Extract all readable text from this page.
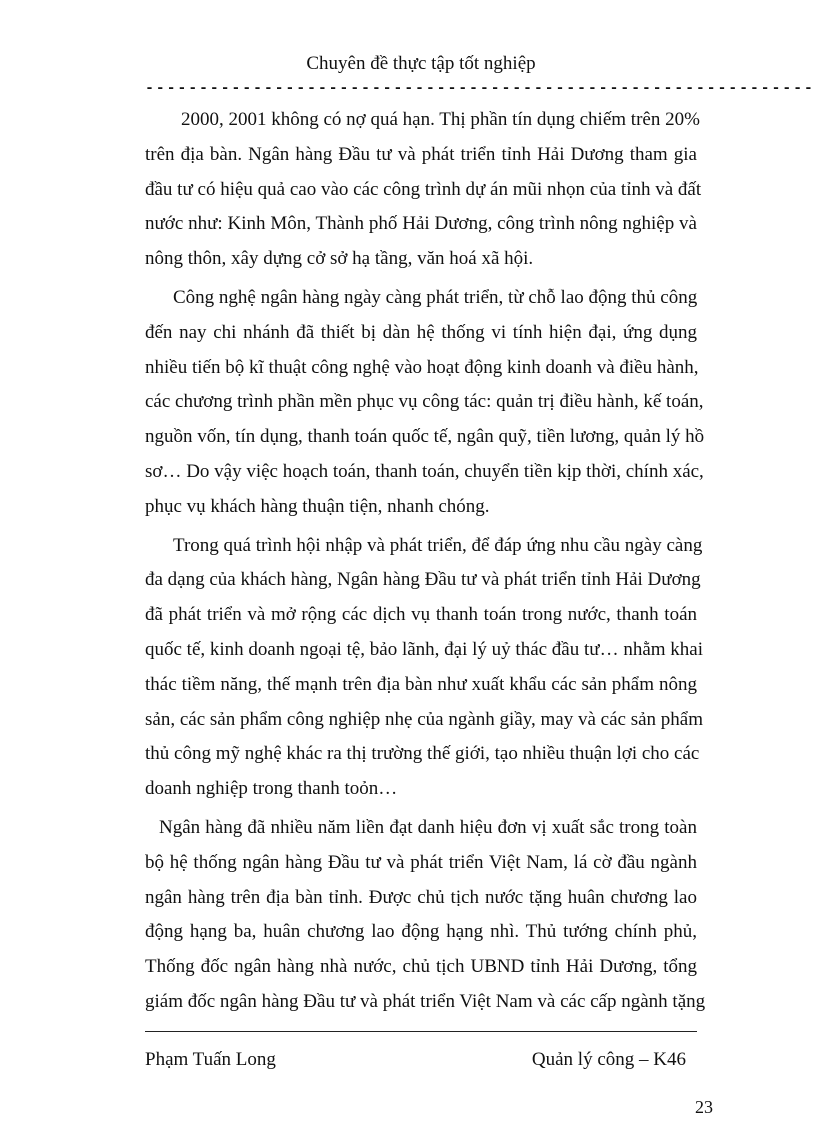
Chuyên đề thực tập tốt nghiệp
--------------------------------------------------------------
2000, 2001 không có nợ quá hạn. Thị phần tín dụng chiếm trên 20%
trên địa bàn. Ngân hàng Đầu tư và phát triển tỉnh Hải Dương tham gia
đầu tư có hiệu quả cao vào các công trình dự án mũi nhọn của tỉnh và đất
nước như: Kinh Môn, Thành phố Hải Dương, công trình nông nghiệp và
nông thôn, xây dựng cở sở hạ tầng, văn hoá xã hội.
Công nghệ ngân hàng ngày càng phát triển, từ chỗ lao động thủ công
đến nay chi nhánh đã thiết bị dàn hệ thống vi tính hiện đại, ứng dụng
nhiều tiến bộ kĩ thuật công nghệ vào hoạt động kinh doanh và điều hành,
các chương trình phần mền phục vụ công tác: quản trị điều hành, kế toán,
nguồn vốn, tín dụng, thanh toán quốc tế, ngân quỹ, tiền lương, quản lý hồ
sơ… Do vậy việc hoạch toán, thanh toán, chuyển tiền kịp thời, chính xác,
phục vụ khách hàng thuận tiện, nhanh chóng.
Trong quá trình hội nhập và phát triển, để đáp ứng nhu cầu ngày càng
đa dạng của khách hàng, Ngân hàng Đầu tư và phát triển tỉnh Hải Dương
đã phát triển và mở rộng các dịch vụ thanh toán trong nước, thanh toán
quốc tế, kinh doanh ngoại tệ, bảo lãnh, đại lý uỷ thác đầu tư… nhằm khai
thác tiềm năng, thế mạnh trên địa bàn như xuất khẩu các sản phẩm nông
sản, các sản phẩm công nghiệp nhẹ của ngành giầy, may và các sản phẩm
thủ công mỹ nghệ khác ra thị trường thế giới, tạo nhiều thuận lợi cho các
doanh nghiệp trong thanh toỏn…
Ngân hàng đã nhiều năm liền đạt danh hiệu đơn vị xuất sắc trong toàn
bộ hệ thống ngân hàng Đầu tư và phát triển Việt Nam, lá cờ đầu ngành
ngân hàng trên địa bàn tỉnh. Được chủ tịch nước tặng huân chương lao
động hạng ba, huân chương lao động hạng nhì. Thủ tướng chính phủ,
Thống đốc ngân hàng nhà nước, chủ tịch UBND tỉnh Hải Dương, tổng
giám đốc ngân hàng Đầu tư và phát triển Việt Nam và các cấp ngành tặng
Phạm Tuấn Long	Quản lý công – K46
23
